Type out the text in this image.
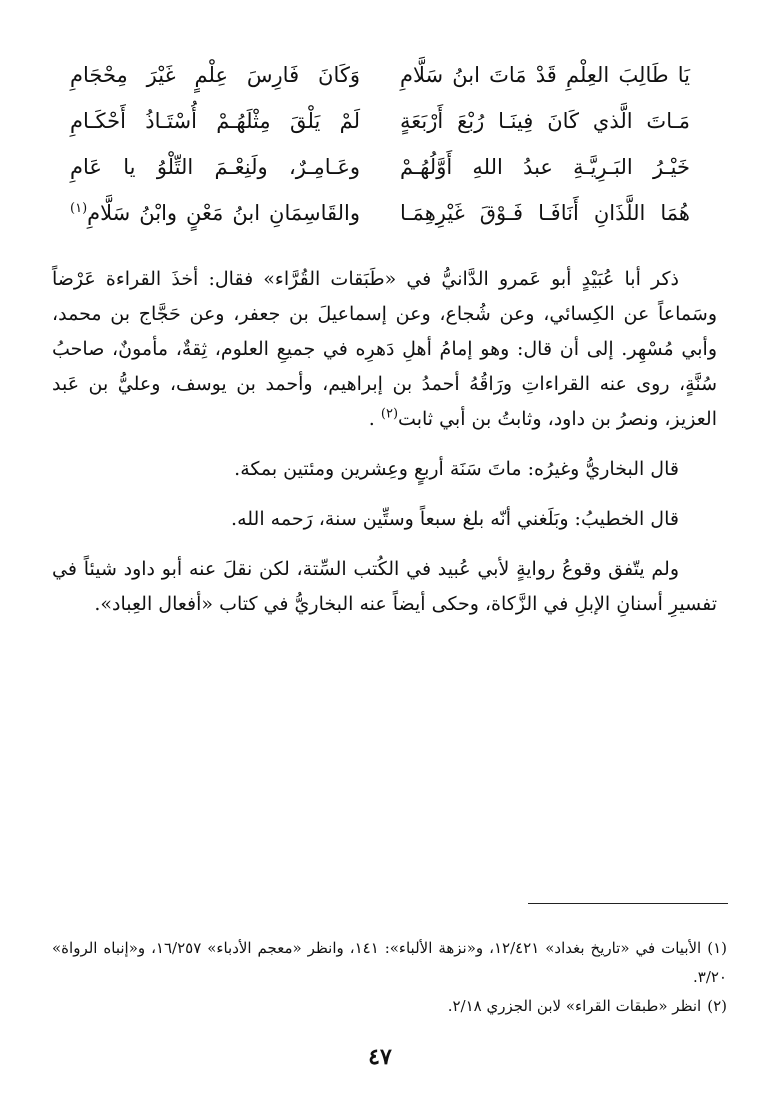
يَا طَالِبَ العِلْمِ قَدْ مَاتَ ابنُ سَلَّامِ
وَكَانَ فَارِسَ عِلْمٍ غَيْرَ مِحْجَامِ
مَـاتَ الَّذي كَانَ فِينَـا رُبْعَ أَرْبَعَةٍ
لَمْ يَلْقَ مِثْلَهُـمْ أُسْتَـاذُ أَحْكَـامِ
خَيْـرُ البَـرِيَّـةِ عبدُ اللهِ أَوَّلُهُـمْ
وعَـامِـرٌ، ولَنِعْـمَ التِّلْوُ يا عَامِ
هُمَا اللَّذَانِ أَنَافَـا فَـوْقَ غَيْرِهِمَـا
والقَاسِمَانِ ابنُ مَعْنٍ وابْنُ سَلَّامِ$^{(١)}$

ذكر أبا عُبَيْدٍ أبو عَمرو الدَّانيُّ في «طَبَقات القُرَّاء» فقال: أخذَ القراءة عَرْضاً وسَماعاً عن الكِسائي، وعن شُجاع، وعن إسماعيلَ بن جعفر، وعن حَجَّاج بن محمد، وأبي مُسْهِر. إلى أن قال: وهو إمامُ أهلِ دَهرِه في جميعِ العلوم، ثِقةٌ، مأمونٌ، صاحبُ سُنَّةٍ، روى عنه القراءاتِ ورَاقُهُ أحمدُ بن إبراهيم، وأحمد بن يوسف، وعليُّ بن عَبد العزيز، ونصرُ بن داود، وثابتُ بن أبي ثابت$^{(٢)}$ .

قال البخاريُّ وغيرُه: ماتَ سَنَة أربعٍ وعِشرين ومئتين بمكة.

قال الخطيبُ: وبَلَغني أنّه بلغ سبعاً وستِّين سنة، رَحمه الله.

ولم يتّفق وقوعُ روايةٍ لأبي عُبيد في الكُتب السِّتة، لكن نقلَ عنه أبو داود شيئاً في تفسيرِ أسنانِ الإبلِ في الزَّكاة، وحكى أيضاً عنه البخاريُّ في كتاب «أفعال العِباد».

(١)الأبيات في «تاريخ بغداد» ١٢/٤٢١، و«نزهة الألباء»: ١٤١، وانظر «معجم الأدباء» ١٦/٢٥٧، و«إنباه الرواة» ٣/٢٠.

(٢)انظر «طبقات القراء» لابن الجزري ٢/١٨.

٤٧
